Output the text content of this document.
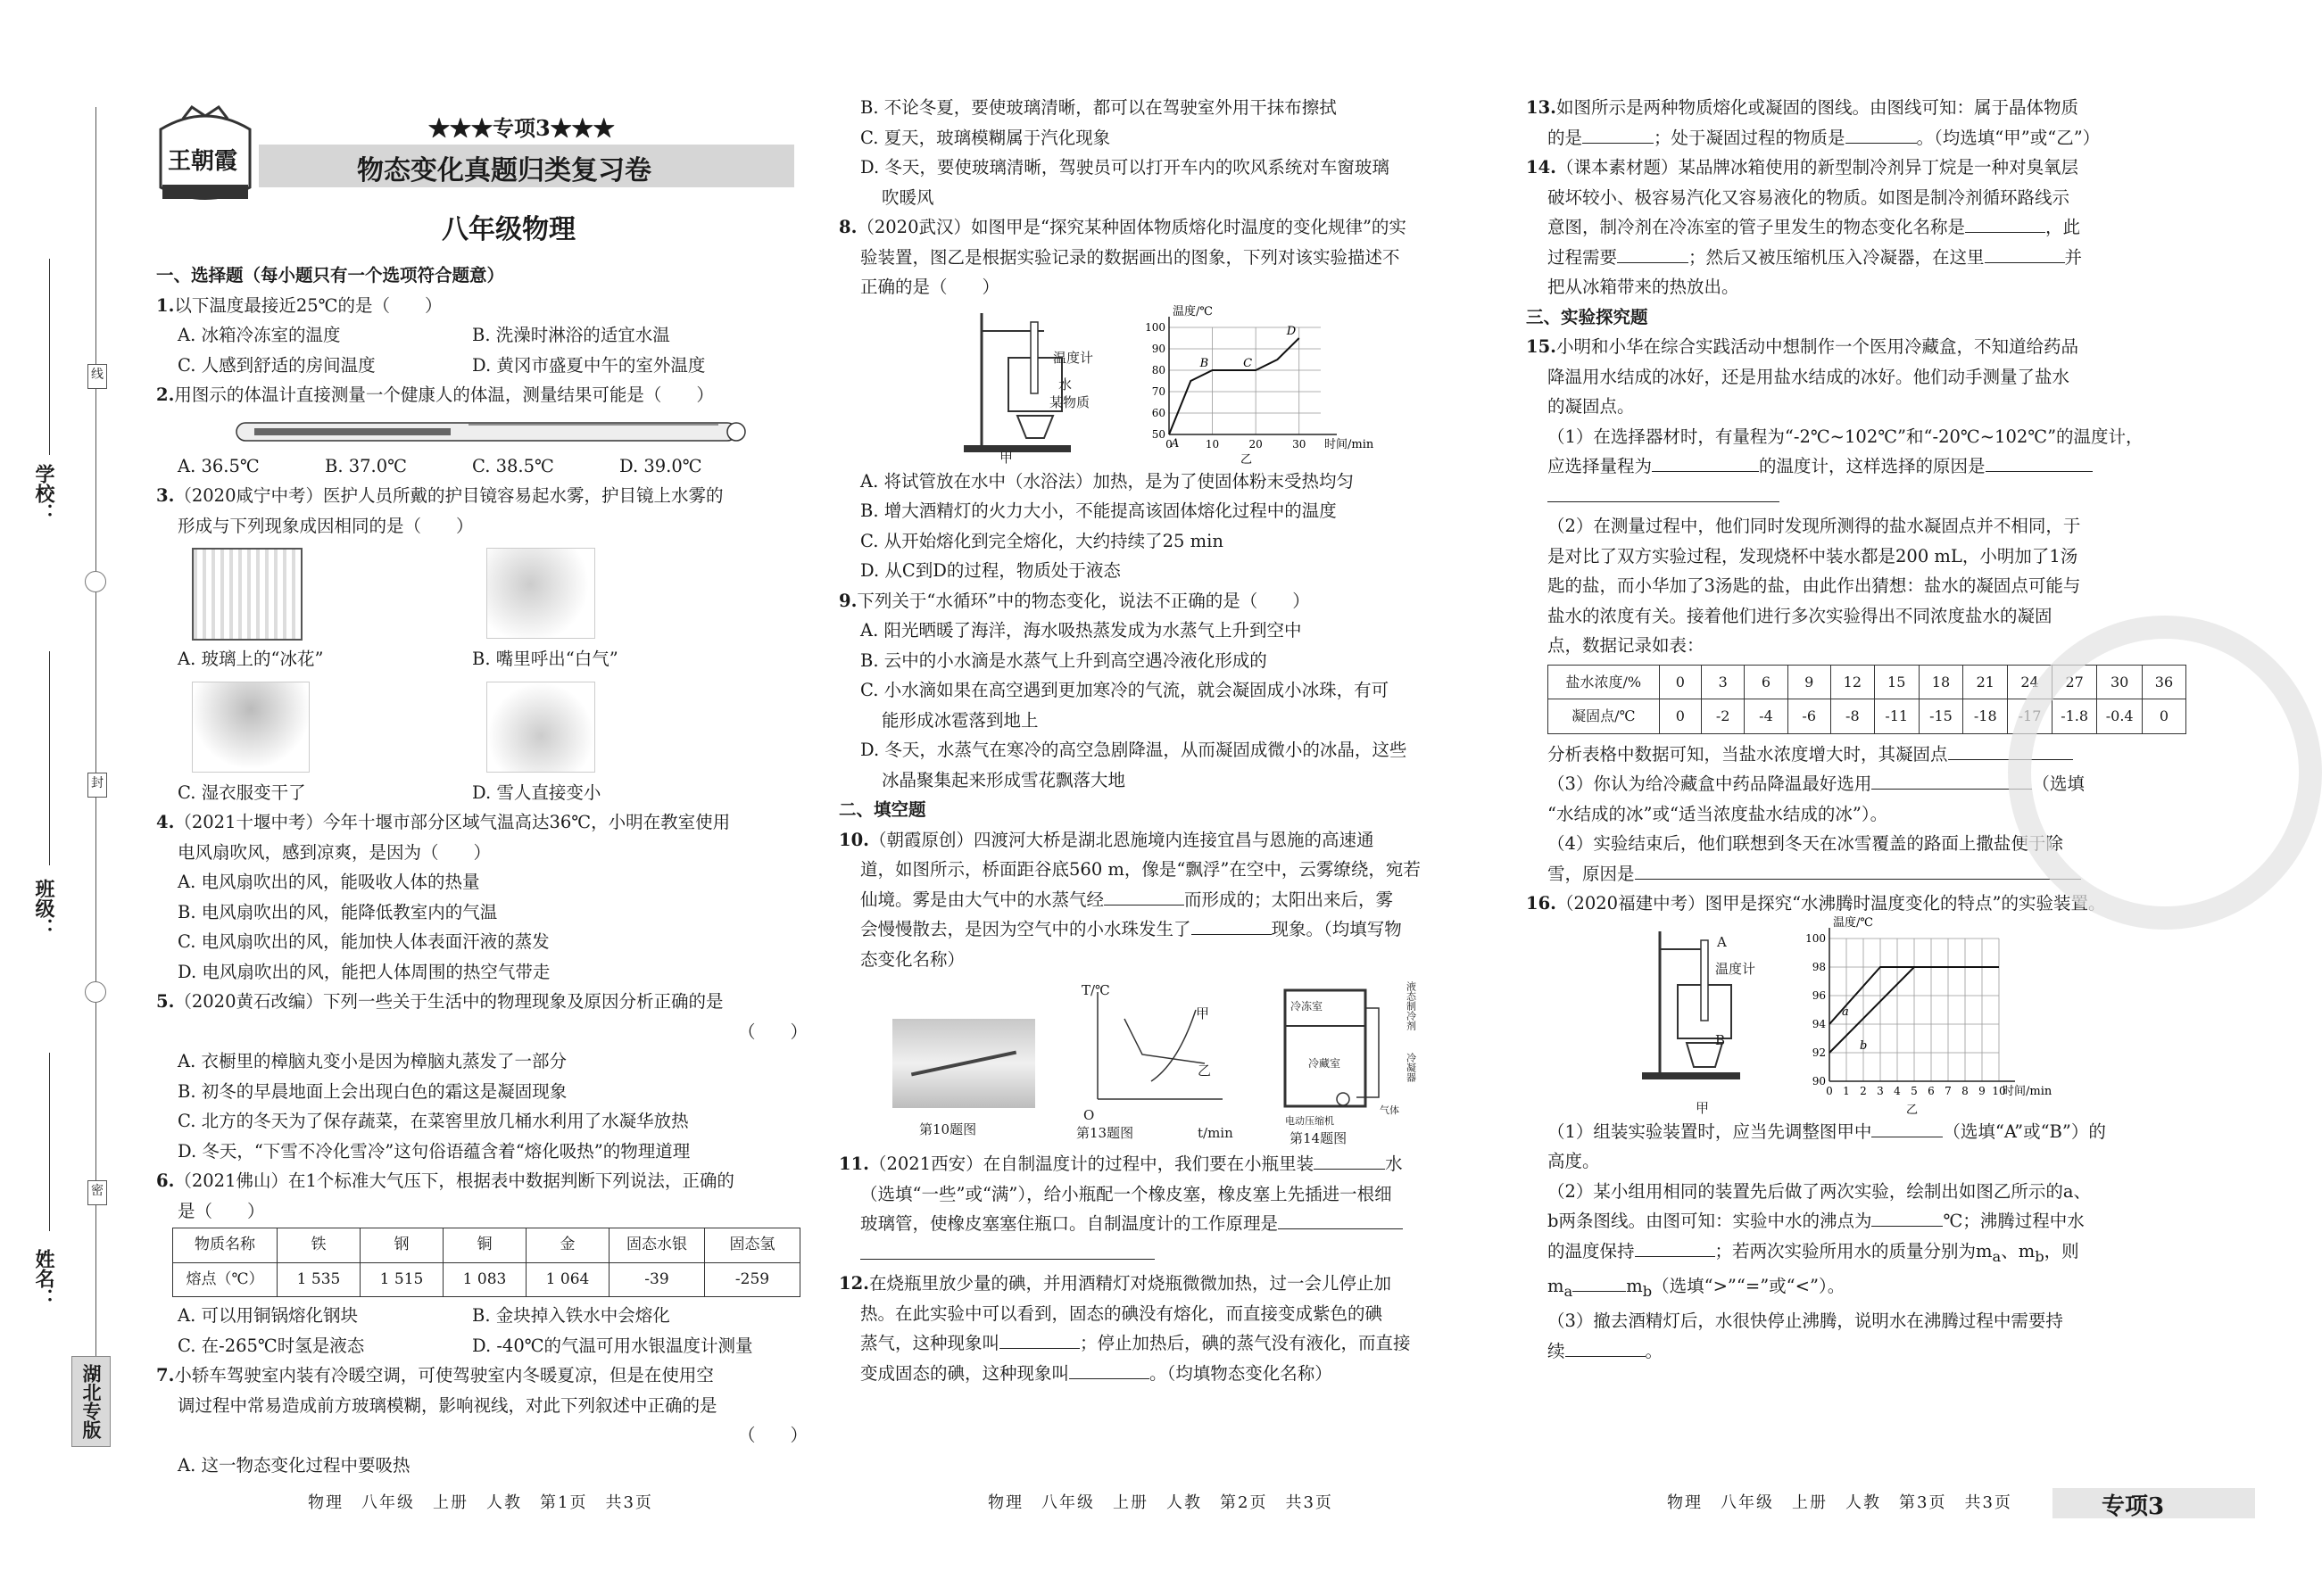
学校：
班级：
姓名：
线
封
密
湖北专版
王朝霞
★★★专项3★★★
物态变化真题归类复习卷
八年级物理

一、选择题（每小题只有一个选项符合题意）

1.以下温度最接近25℃的是（　　）

A. 冰箱冷冻室的温度	B. 洗澡时淋浴的适宜水温
C. 人感到舒适的房间温度	D. 黄冈市盛夏中午的室外温度

2.用图示的体温计直接测量一个健康人的体温，测量结果可能是（　　）

A. 36.5℃	B. 37.0℃	C. 38.5℃	D. 39.0℃

3.（2020咸宁中考）医护人员所戴的护目镜容易起水雾，护目镜上水雾的

形成与下列现象成因相同的是（　　）

A. 玻璃上的“冰花”	B. 嘴里呼出“白气”
C. 湿衣服变干了	D. 雪人直接变小

4.（2021十堰中考）今年十堰市部分区域气温高达36℃，小明在教室使用

电风扇吹风，感到凉爽，是因为（　　）

A. 电风扇吹出的风，能吸收人体的热量

B. 电风扇吹出的风，能降低教室内的气温

C. 电风扇吹出的风，能加快人体表面汗液的蒸发

D. 电风扇吹出的风，能把人体周围的热空气带走

5.（2020黄石改编）下列一些关于生活中的物理现象及原因分析正确的是

（　　）

A. 衣橱里的樟脑丸变小是因为樟脑丸蒸发了一部分

B. 初冬的早晨地面上会出现白色的霜这是凝固现象

C. 北方的冬天为了保存蔬菜，在菜窖里放几桶水利用了水凝华放热

D. 冬天，“下雪不冷化雪冷”这句俗语蕴含着“熔化吸热”的物理道理

6.（2021佛山）在1个标准大气压下，根据表中数据判断下列说法，正确的

是（　　）

物质名称	铁	钢	铜	金	固态水银	固态氢
熔点（℃）	1 535	1 515	1 083	1 064	-39	-259
A. 可以用铜锅熔化钢块	B. 金块掉入铁水中会熔化
C. 在-265℃时氢是液态	D. -40℃的气温可用水银温度计测量

7.小轿车驾驶室内装有冷暖空调，可使驾驶室内冬暖夏凉，但是在使用空

调过程中常易造成前方玻璃模糊，影响视线，对此下列叙述中正确的是

（　　）

A. 这一物态变化过程中要吸热

B. 不论冬夏，要使玻璃清晰，都可以在驾驶室外用干抹布擦拭

C. 夏天，玻璃模糊属于汽化现象

D. 冬天，要使玻璃清晰，驾驶员可以打开车内的吹风系统对车窗玻璃

吹暖风

8.（2020武汉）如图甲是“探究某种固体物质熔化时温度的变化规律”的实

验装置，图乙是根据实验记录的数据画出的图象，下列对该实验描述不

正确的是（　　）

温度计
水
某物质
甲
50
60
70
80
90
100
0	10	20	30
温度/℃
时间/min
A
B	C
D
乙

A. 将试管放在水中（水浴法）加热，是为了使固体粉末受热均匀

B. 增大酒精灯的火力大小，不能提高该固体熔化过程中的温度

C. 从开始熔化到完全熔化，大约持续了25 min

D. 从C到D的过程，物质处于液态

9.下列关于“水循环”中的物态变化，说法不正确的是（　　）

A. 阳光晒暖了海洋，海水吸热蒸发成为水蒸气上升到空中

B. 云中的小水滴是水蒸气上升到高空遇冷液化形成的

C. 小水滴如果在高空遇到更加寒冷的气流，就会凝固成小冰珠，有可

能形成冰雹落到地上

D. 冬天，水蒸气在寒冷的高空急剧降温，从而凝固成微小的冰晶，这些

冰晶聚集起来形成雪花飘落大地

二、填空题

10.（朝霞原创）四渡河大桥是湖北恩施境内连接宜昌与恩施的高速通

道，如图所示，桥面距谷底560 m，像是“飘浮”在空中，云雾缭绕，宛若

仙境。雾是由大气中的水蒸气经	而形成的；太阳出来后，雾

会慢慢散去，是因为空气中的小水珠发生了	现象。（均填写物

态变化名称）

第10题图
T/℃
甲
乙
O
t/min
第13题图
冷冻室	液态制冷剂
冷藏室	冷凝器
电动压缩机
气体
第14题图

11.（2021西安）在自制温度计的过程中，我们要在小瓶里装	水

（选填“一些”或“满”），给小瓶配一个橡皮塞，橡皮塞上先插进一根细

玻璃管，使橡皮塞塞住瓶口。自制温度计的工作原理是

12.在烧瓶里放少量的碘，并用酒精灯对烧瓶微微加热，过一会儿停止加

热。在此实验中可以看到，固态的碘没有熔化，而直接变成紫色的碘

蒸气，这种现象叫	；停止加热后，碘的蒸气没有液化，而直接

变成固态的碘，这种现象叫	。（均填物态变化名称）

13.如图所示是两种物质熔化或凝固的图线。由图线可知：属于晶体物质

的是	；处于凝固过程的物质是	。（均选填“甲”或“乙”）

14.（课本素材题）某品牌冰箱使用的新型制冷剂异丁烷是一种对臭氧层

破坏较小、极容易汽化又容易液化的物质。如图是制冷剂循环路线示

意图，制冷剂在冷冻室的管子里发生的物态变化名称是	，此

过程需要	；然后又被压缩机压入冷凝器，在这里	并

把从冰箱带来的热放出。

三、实验探究题

15.小明和小华在综合实践活动中想制作一个医用冷藏盒，不知道给药品

降温用水结成的冰好，还是用盐水结成的冰好。他们动手测量了盐水

的凝固点。

（1）在选择器材时，有量程为“-2℃~102℃”和“-20℃~102℃”的温度计，

应选择量程为	的温度计，这样选择的原因是

（2）在测量过程中，他们同时发现所测得的盐水凝固点并不相同，于

是对比了双方实验过程，发现烧杯中装水都是200 mL，小明加了1汤

匙的盐，而小华加了3汤匙的盐，由此作出猜想：盐水的凝固点可能与

盐水的浓度有关。接着他们进行多次实验得出不同浓度盐水的凝固

点，数据记录如表：

盐水浓度/%	0	3	6	9	12	15	18	21	24	27	30	36
凝固点/℃	0	-2	-4	-6	-8	-11	-15	-18	-17	-1.8	-0.4	0

分析表格中数据可知，当盐水浓度增大时，其凝固点

（3）你认为给冷藏盒中药品降温最好选用	（选填

“水结成的冰”或“适当浓度盐水结成的冰”）。

（4）实验结束后，他们联想到冬天在冰雪覆盖的路面上撒盐便于除

雪，原因是

16.（2020福建中考）图甲是探究“水沸腾时温度变化的特点”的实验装置。

A
温度计
B
甲
90
92
94
96
98
100
0 1 2 3 4 5 6 7 8 9 10
温度/℃
时间/min
a
b
乙

（1）组装实验装置时，应当先调整图甲中	（选填“A”或“B”）的

高度。

（2）某小组用相同的装置先后做了两次实验，绘制出如图乙所示的a、

b两条图线。由图可知：实验中水的沸点为	℃；沸腾过程中水

的温度保持	；若两次实验所用水的质量分别为$m_a$、$m_b$，则

$m_a$	$m_b$（选填“>”“=”或“<”）。

（3）撤去酒精灯后，水很快停止沸腾，说明水在沸腾过程中需要持

续	。

物理　八年级　上册　人教　第1页　共3页	物理　八年级　上册　人教　第2页　共3页	物理　八年级　上册　人教　第3页　共3页	专项3
